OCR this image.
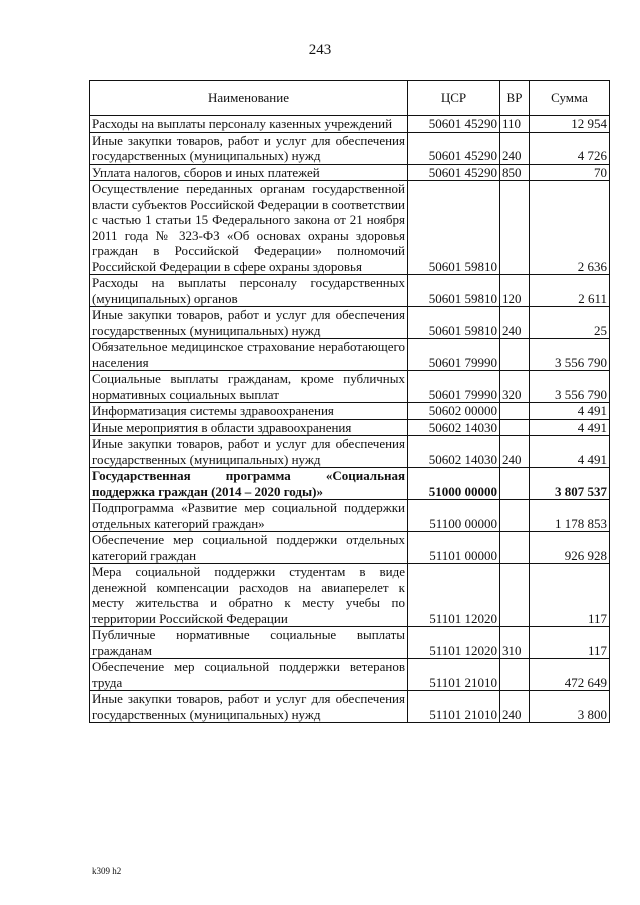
243
Наименование	ЦСР	ВР	Сумма
Расходы на выплаты персоналу казенных учреждений	50601 45290	110	12 954
Иные закупки товаров, работ и услуг для обеспечения государственных (муниципальных) нужд	50601 45290	240	4 726
Уплата налогов, сборов и иных платежей	50601 45290	850	70
Осуществление переданных органам государственной власти субъектов Российской Федерации в соответствии с частью 1 статьи 15 Федерального закона от 21 ноября 2011 года № 323-ФЗ «Об основах охраны здоровья граждан в Российской Федерации» полномочий Российской Федерации в сфере охраны здоровья	50601 59810		2 636
Расходы на выплаты персоналу государственных (муниципальных) органов	50601 59810	120	2 611
Иные закупки товаров, работ и услуг для обеспечения государственных (муниципальных) нужд	50601 59810	240	25
Обязательное медицинское страхование неработающего населения	50601 79990		3 556 790
Социальные выплаты гражданам, кроме публичных нормативных социальных выплат	50601 79990	320	3 556 790
Информатизация системы здравоохранения	50602 00000		4 491
Иные мероприятия в области здравоохранения	50602 14030		4 491
Иные закупки товаров, работ и услуг для обеспечения государственных (муниципальных) нужд	50602 14030	240	4 491
Государственная программа «Социальная поддержка граждан (2014 – 2020 годы)»	51000 00000		3 807 537
Подпрограмма «Развитие мер социальной поддержки отдельных категорий граждан»	51100 00000		1 178 853
Обеспечение мер социальной поддержки отдельных категорий граждан	51101 00000		926 928
Мера социальной поддержки студентам в виде денежной компенсации расходов на авиаперелет к месту жительства и обратно к месту учебы по территории Российской Федерации	51101 12020		117
Публичные нормативные социальные выплаты гражданам	51101 12020	310	117
Обеспечение мер социальной поддержки ветеранов труда	51101 21010		472 649
Иные закупки товаров, работ и услуг для обеспечения государственных (муниципальных) нужд	51101 21010	240	3 800
k309 h2
